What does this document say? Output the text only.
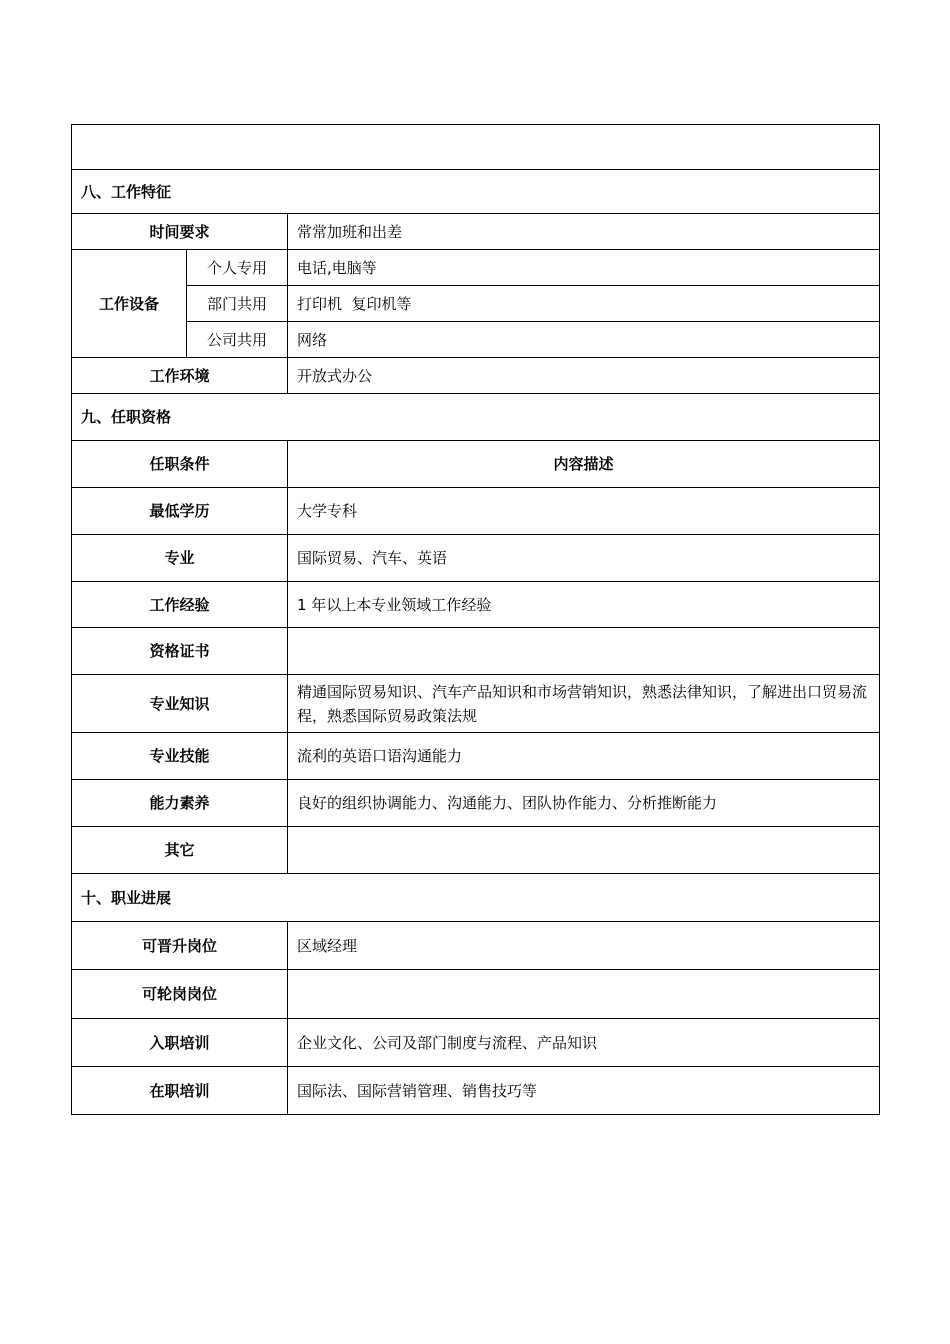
八、工作特征		
时间要求		常常加班和出差
工作设备	个人专用	电话,电脑等
	部门共用	打印机  复印机等
	公司共用	网络
工作环境		开放式办公
九、任职资格		
任职条件		内容描述
最低学历		大学专科
专业		国际贸易、汽车、英语
工作经验		1 年以上本专业领域工作经验
资格证书		
专业知识		精通国际贸易知识、汽车产品知识和市场营销知识，熟悉法律知识，了解进出口贸易流程，熟悉国际贸易政策法规
专业技能		流利的英语口语沟通能力
能力素养		良好的组织协调能力、沟通能力、团队协作能力、分析推断能力
其它		
十、职业进展		
可晋升岗位		区域经理
可轮岗岗位		
入职培训		企业文化、公司及部门制度与流程、产品知识
在职培训		国际法、国际营销管理、销售技巧等
